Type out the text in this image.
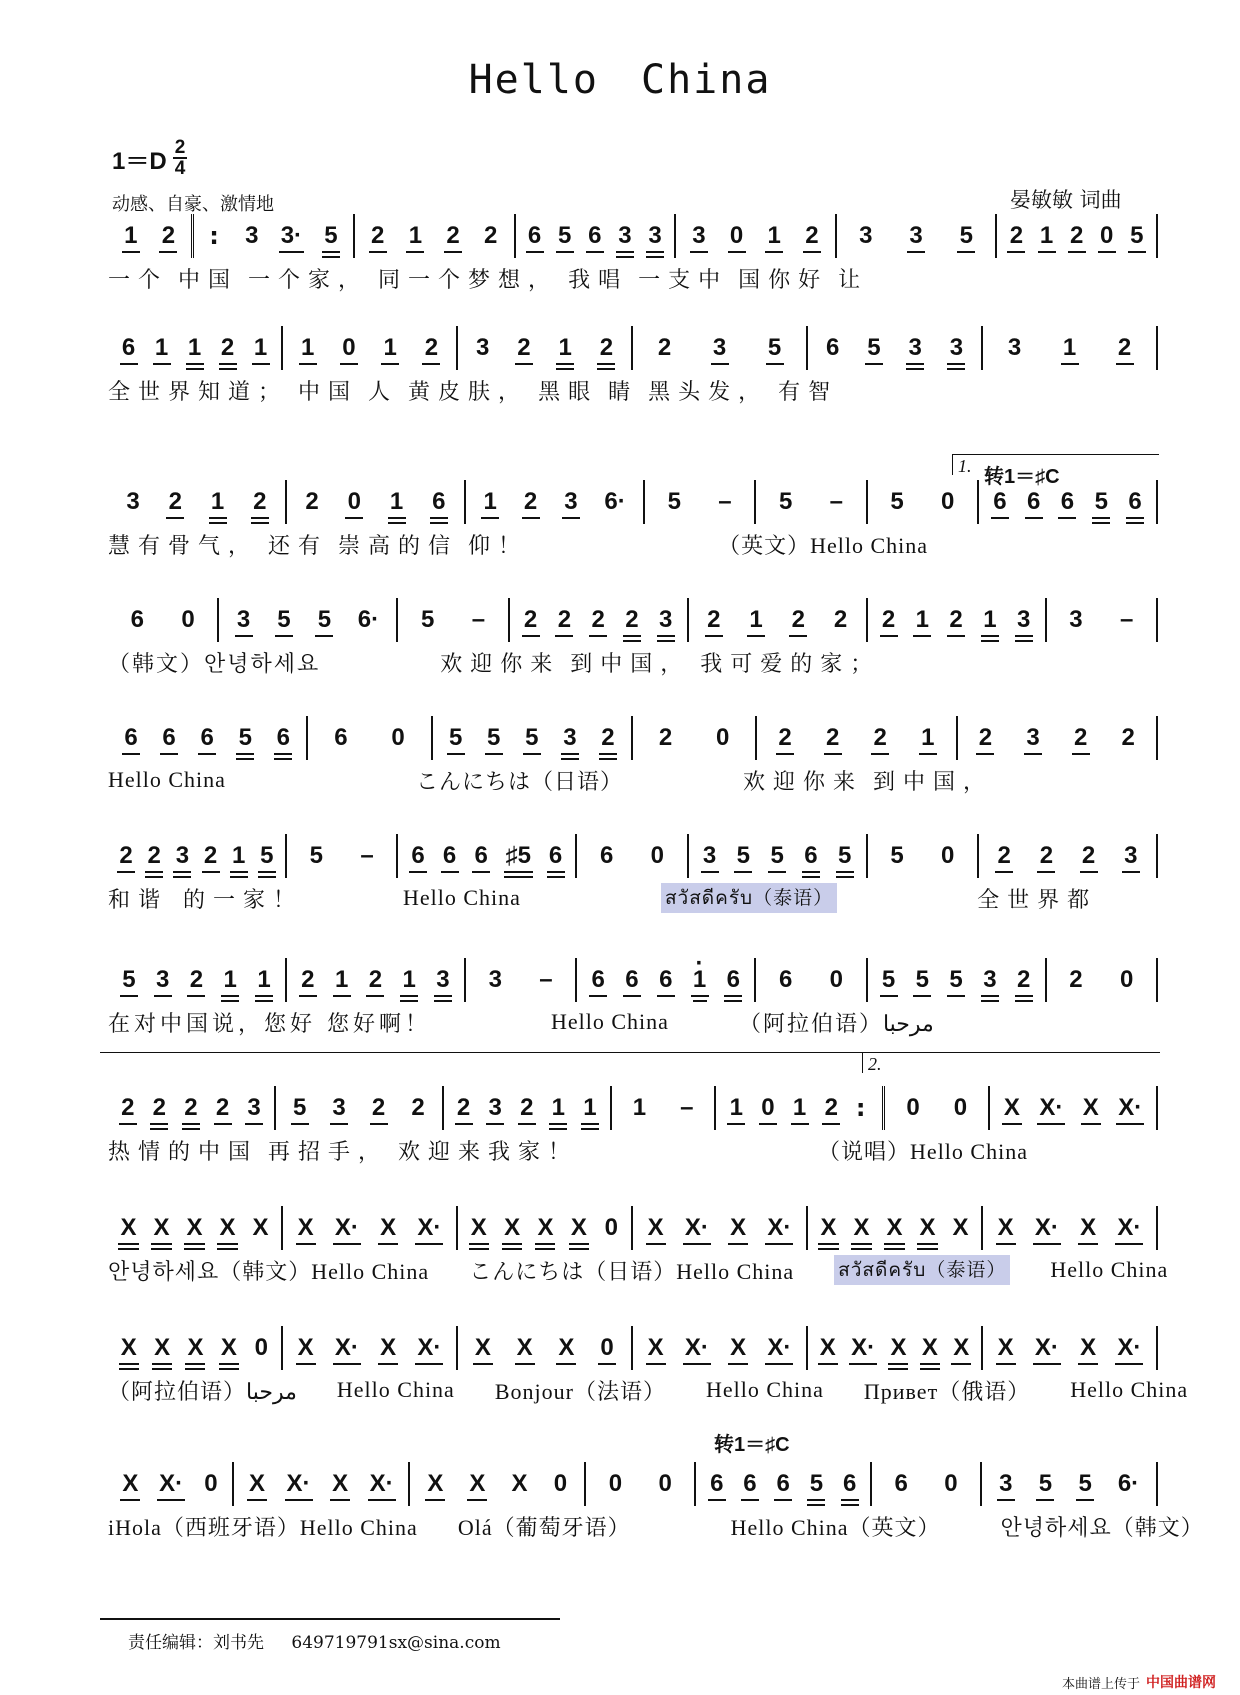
Hello　China
1＝D 2
4
动感、自豪、激情地	晏敏敏 词曲
1 2 : 3 3· 5 2 1 2 2 6 5 6 3 3 3 0 1 2 3 3 5 2 1 2 0 5
一个 中国 一个家， 同一个梦想， 我唱 一支中 国你好 让
6 1 1 2 1 1 0 1 2 3 2 1 2 2 3 5 6 5 3 3 3 1 2
全世界知道； 中国 人 黄皮肤， 黑眼 睛 黑头发， 有智
1. 转1＝♯C
3 2 1 2 2 0 1 6 1 2 3 6· 5 – 5 – 5 0 6 6 6 5 6
慧有骨气， 还有 崇高的信 仰！	（英文）Hello China
6 0 3 5 5 6· 5 – 2 2 2 2 3 2 1 2 2 2 1 2 1 3 3 –
（韩文）안녕하세요	欢迎你来 到中国， 我可爱的家；
6 6 6 5 6 6 0 5 5 5 3 2 2 0 2 2 2 1 2 3 2 2
Hello China	こんにちは（日语）	欢迎你来 到中国，
2 2 3 2 1 5 5 – 6 6 6 ♯5 6 6 0 3 5 5 6 5 5 0 2 2 2 3
和谐 的一家！	Hello China	สวัสดีครับ（泰语）	全世界都
5 3 2 1 1 2 1 2 1 3 3 – 6 6 6
· 1 6 6 0 5 5 5 3 2 2 0
在对中国说，您好 您好啊！	Hello China	（阿拉伯语）مرحبا
2.
2 2 2 2 3 5 3 2 2 2 3 2 1 1 1 – 1 0 1 2 : 0 0 X X· X X·
热情的中国 再招手， 欢迎来我家！	（说唱）Hello China
X X X X X X X· X X· X X X X 0 X X· X X· X X X X X X X· X X·
안녕하세요（韩文）Hello China こんにちは（日语）Hello China สวัสดีครับ（泰语） Hello China
X X X X 0 X X· X X· X X X 0 X X· X X· X X· X X X X X· X X·
（阿拉伯语）مرحبا Hello China Bonjour（法语） Hello China Привет（俄语） Hello China
转1＝♯C
X X· 0 X X· X X· X X X 0 0 0 6 6 6 5 6 6 0 3 5 5 6·
iHola（西班牙语）Hello China Olá（葡萄牙语）	Hello China（英文）	안녕하세요（韩文）
责任编辑：刘书先 649719791sx@sina.com
本曲谱上传于 中国曲谱网
